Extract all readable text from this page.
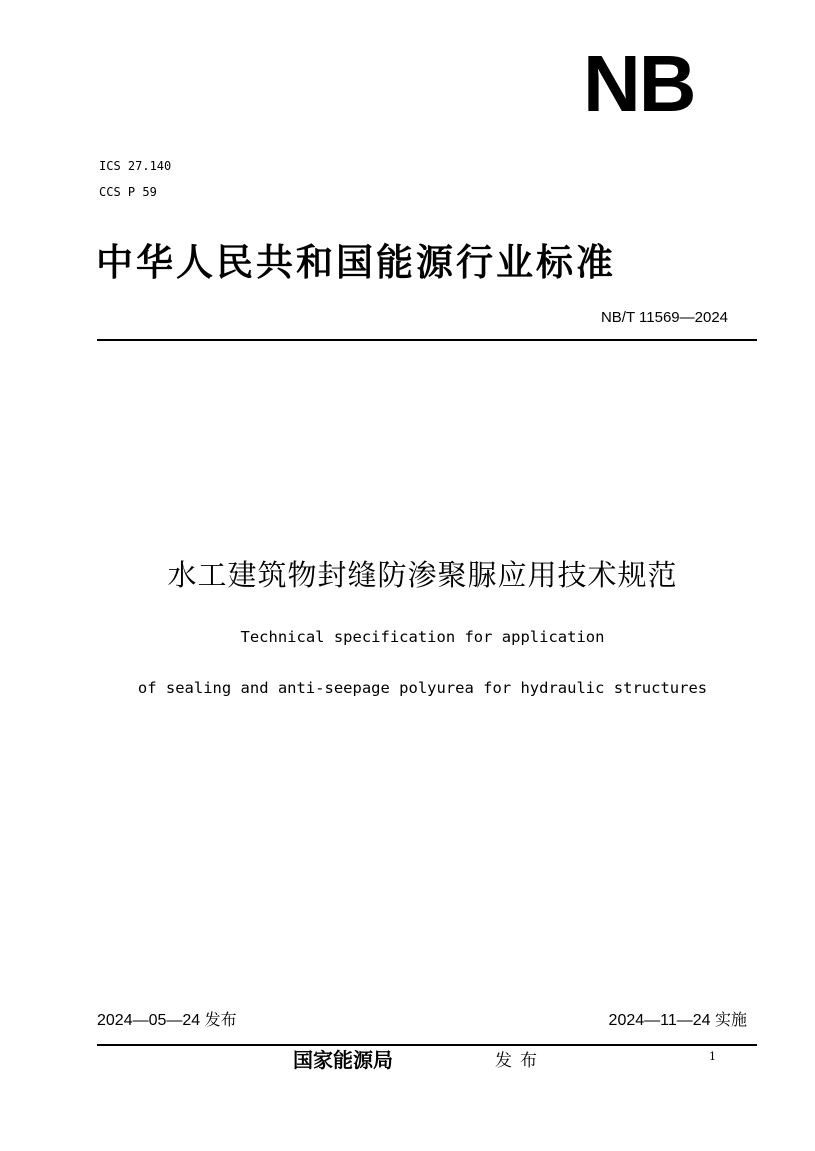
NB
ICS 27.140
CCS P 59
中华人民共和国能源行业标准
NB/T 11569—2024
水工建筑物封缝防渗聚脲应用技术规范
Technical specification for application
of sealing and anti-seepage polyurea for hydraulic structures
2024—05—24 发布	2024—11—24 实施
国家能源局	发布	1
